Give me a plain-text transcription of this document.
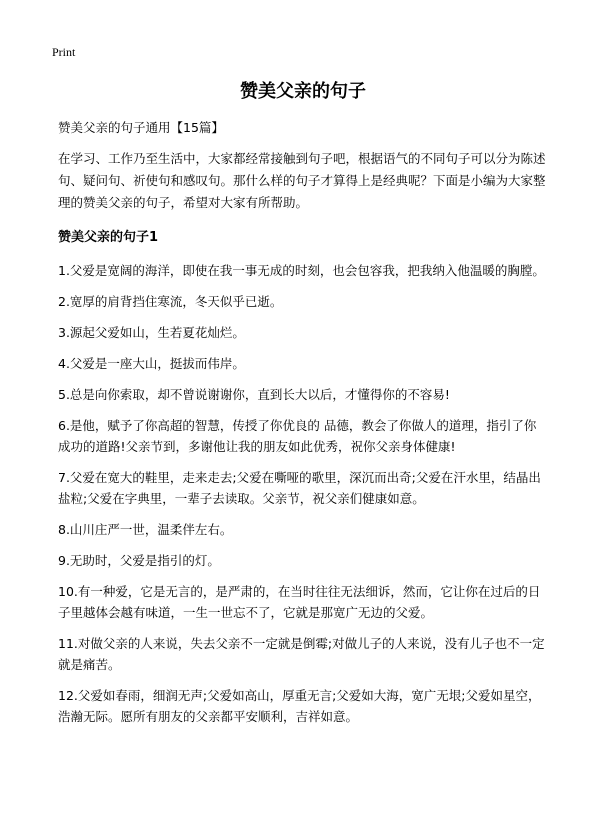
Print
赞美父亲的句子
赞美父亲的句子通用【15篇】
在学习、工作乃至生活中，大家都经常接触到句子吧，根据语气的不同句子可以分为陈述句、疑问句、祈使句和感叹句。那什么样的句子才算得上是经典呢？下面是小编为大家整理的赞美父亲的句子，希望对大家有所帮助。
赞美父亲的句子1
1.父爱是宽阔的海洋，即使在我一事无成的时刻，也会包容我，把我纳入他温暖的胸膛。
2.宽厚的肩背挡住寒流，冬天似乎已逝。
3.源起父爱如山，生若夏花灿烂。
4.父爱是一座大山，挺拔而伟岸。
5.总是向你索取，却不曾说谢谢你，直到长大以后，才懂得你的不容易!
6.是他，赋予了你高超的智慧，传授了你优良的 品德，教会了你做人的道理，指引了你成功的道路!父亲节到，多谢他让我的朋友如此优秀，祝你父亲身体健康!
7.父爱在宽大的鞋里，走来走去;父爱在嘶哑的歌里，深沉而出奇;父爱在汗水里，结晶出盐粒;父爱在字典里，一辈子去读取。父亲节，祝父亲们健康如意。
8.山川庄严一世，温柔伴左右。
9.无助时，父爱是指引的灯。
10.有一种爱，它是无言的，是严肃的，在当时往往无法细诉，然而，它让你在过后的日子里越体会越有味道，一生一世忘不了，它就是那宽广无边的父爱。
11.对做父亲的人来说，失去父亲不一定就是倒霉;对做儿子的人来说，没有儿子也不一定就是痛苦。
12.父爱如春雨，细润无声;父爱如高山，厚重无言;父爱如大海，宽广无垠;父爱如星空，浩瀚无际。愿所有朋友的父亲都平安顺利，吉祥如意。
